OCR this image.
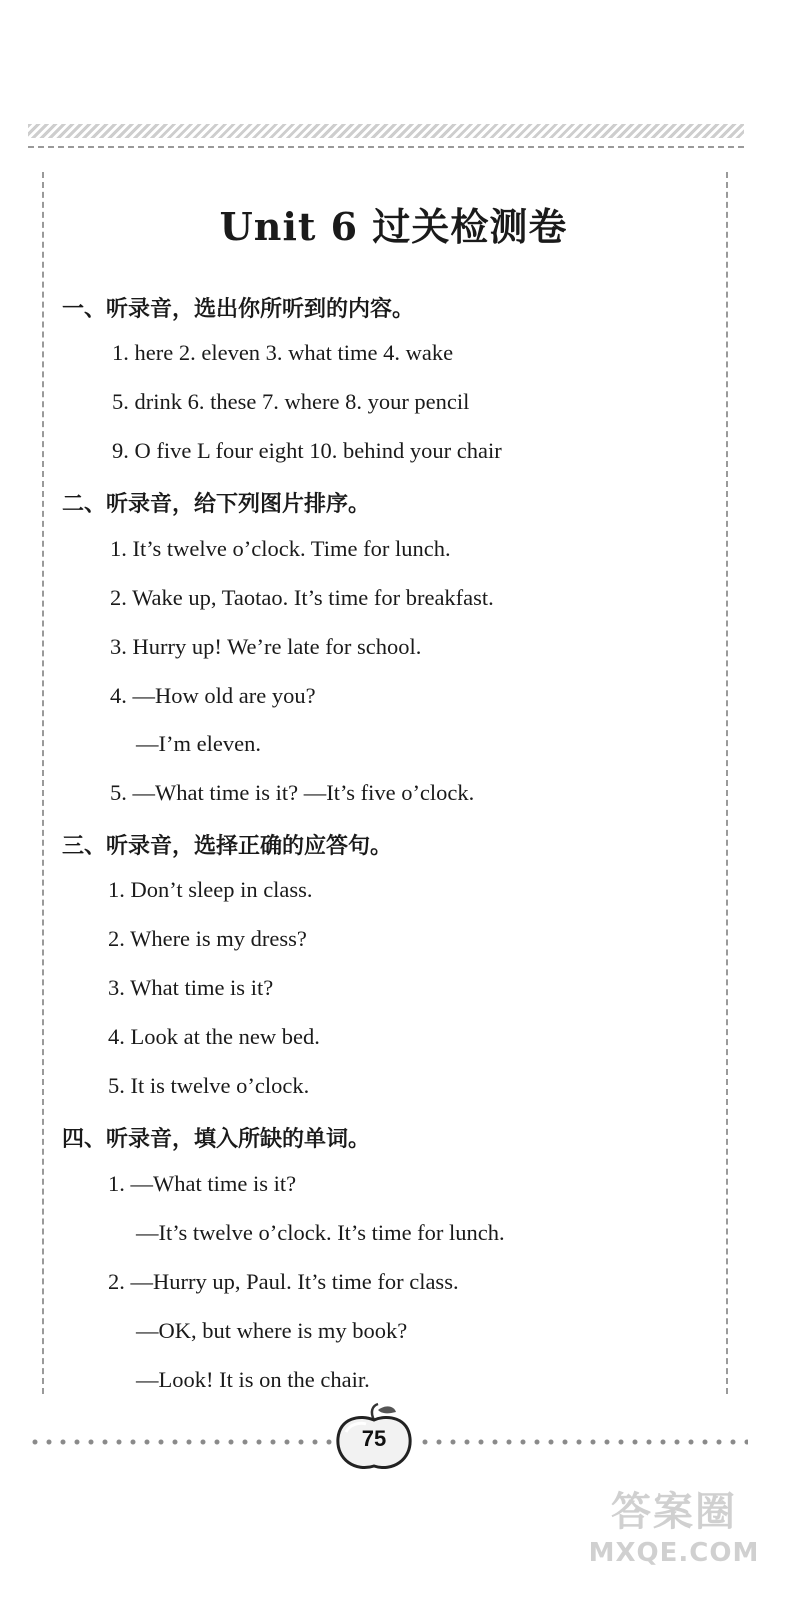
Unit 6 过关检测卷
一、听录音，选出你所听到的内容。
1. here 2. eleven 3. what time 4. wake
5. drink 6. these 7. where 8. your pencil
9. O five L four eight 10. behind your chair
二、听录音，给下列图片排序。
1. It’s twelve o’clock. Time for lunch.
2. Wake up, Taotao. It’s time for breakfast.
3. Hurry up! We’re late for school.
4. —How old are you?
—I’m eleven.
5. —What time is it? —It’s five o’clock.
三、听录音，选择正确的应答句。
1. Don’t sleep in class.
2. Where is my dress?
3. What time is it?
4. Look at the new bed.
5. It is twelve o’clock.
四、听录音，填入所缺的单词。
1. —What time is it?
—It’s twelve o’clock. It’s time for lunch.
2. —Hurry up, Paul. It’s time for class.
—OK, but where is my book?
—Look! It is on the chair.
75
答案圈
MXQE.COM
